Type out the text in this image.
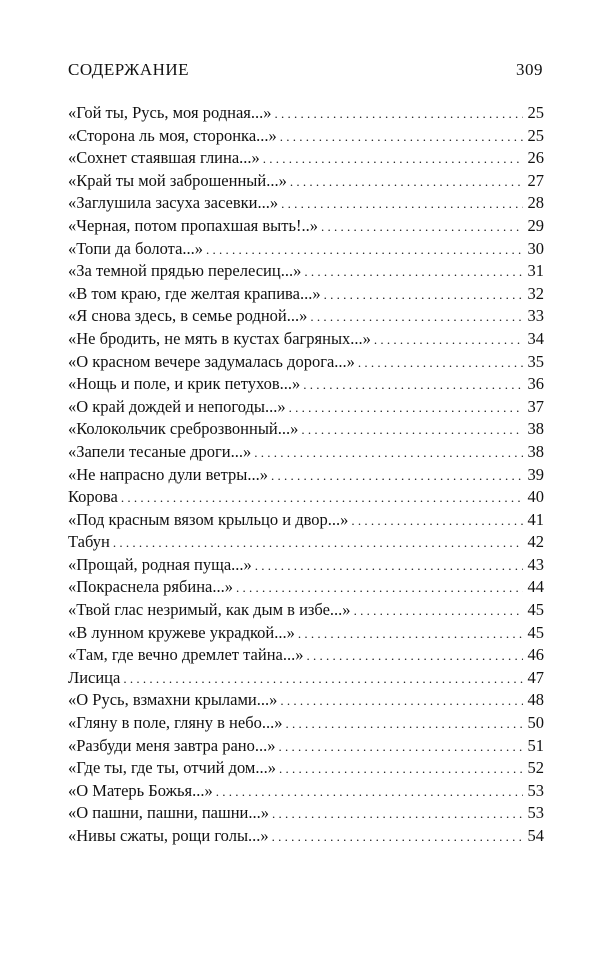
СОДЕРЖАНИЕ	309
«Гой ты, Русь, моя родная...» . . .	25
«Сторона ль моя, сторонка...» . . .	25
«Сохнет стаявшая глина...» . . .	26
«Край ты мой заброшенный...» . . .	27
«Заглушила засуха засевки...» . . .	28
«Черная, потом пропахшая выть!..» . . .	29
«Топи да болота...» . . .	30
«За темной прядью перелесиц...» . . .	31
«В том краю, где желтая крапива...» . . .	32
«Я снова здесь, в семье родной...» . . .	33
«Не бродить, не мять в кустах багряных...» . . .	34
«О красном вечере задумалась дорога...» . . .	35
«Нощь и поле, и крик петухов...» . . .	36
«О край дождей и непогоды...» . . .	37
«Колокольчик среброзвонный...» . . .	38
«Запели тесаные дроги...» . . .	38
«Не напрасно дули ветры...» . . .	39
Корова . . .	40
«Под красным вязом крыльцо и двор...» . . .	41
Табун . . .	42
«Прощай, родная пуща...» . . .	43
«Покраснела рябина...» . . .	44
«Твой глас незримый, как дым в избе...» . . .	45
«В лунном кружеве украдкой...» . . .	45
«Там, где вечно дремлет тайна...» . . .	46
Лисица . . .	47
«О Русь, взмахни крылами...» . . .	48
«Гляну в поле, гляну в небо...» . . .	50
«Разбуди меня завтра рано...» . . .	51
«Где ты, где ты, отчий дом...» . . .	52
«О Матерь Божья...» . . .	53
«О пашни, пашни, пашни...» . . .	53
«Нивы сжаты, рощи голы...» . . .	54
